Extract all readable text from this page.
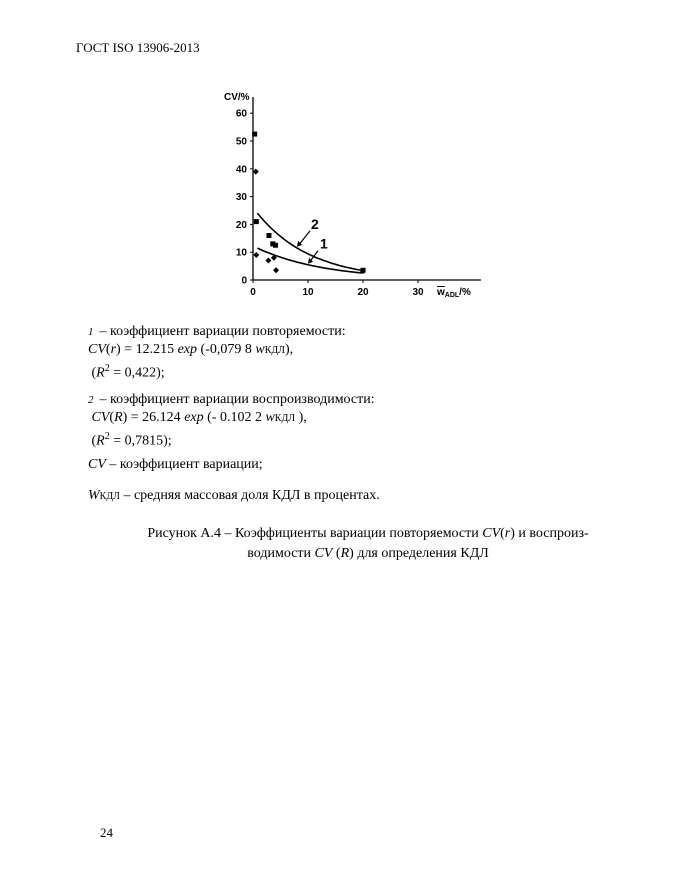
ГОСТ ISO 13906-2013
0
10
20
30
40
50
60
0	10	20	30
CV/%
$w_{ADL}/\%$
1
2
1 – коэффициент вариации повторяемости:
CV(r) = 12.215 exp (-0,079 8 wКДЛ),
$(R^2 = 0,422)$;
2 – коэффициент вариации воспроизводимости:
CV(R) = 26.124 exp (- 0.102 2 wКДЛ ),
$(R^2 = 0,7815)$;
CV – коэффициент вариации;
WКДЛ – средняя массовая доля КДЛ в процентах.
Рисунок А.4 – Коэффициенты вариации повторяемости CV(r) и воспроиз-
водимости CV (R) для определения КДЛ
24
